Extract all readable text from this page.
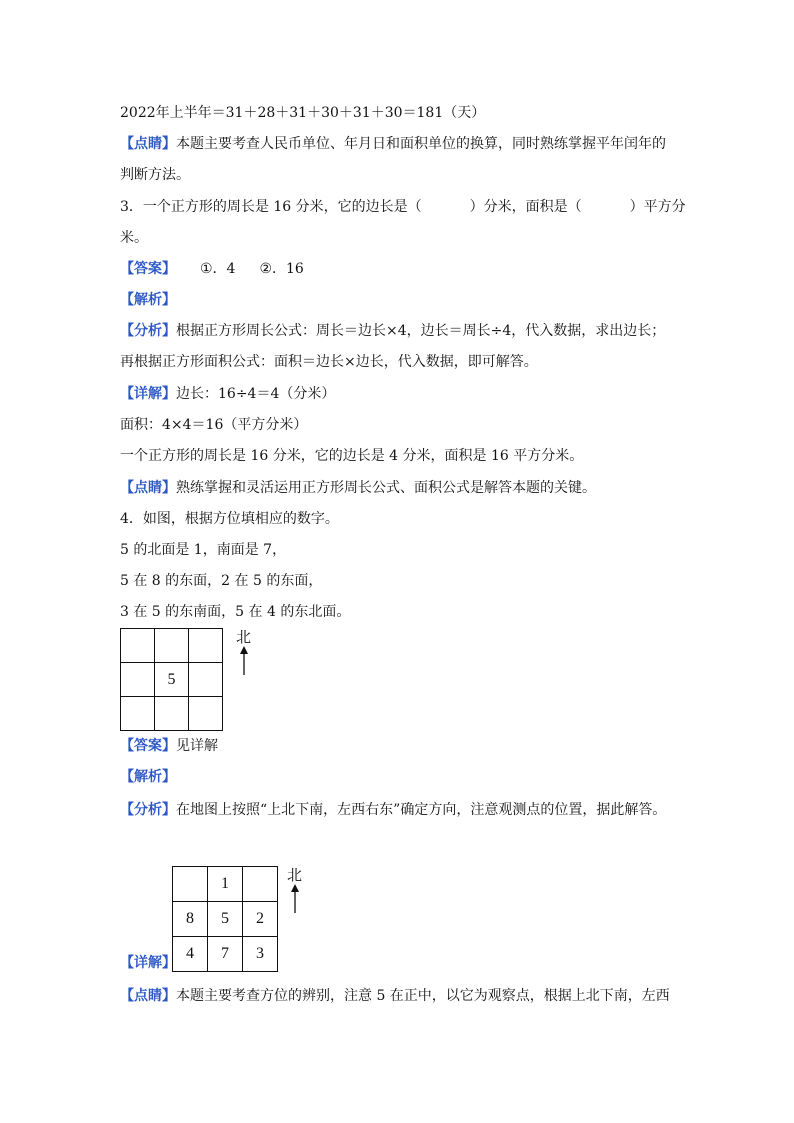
2022年上半年＝31＋28＋31＋30＋31＋30＝181（天）
【点睛】本题主要考查人民币单位、年月日和面积单位的换算，同时熟练掌握平年闰年的
判断方法。
3．一个正方形的周长是 16 分米，它的边长是（	）分米，面积是（	）平方分
米。
【答案】 ①．4 ②．16
【解析】
【分析】根据正方形周长公式：周长＝边长×4，边长＝周长÷4，代入数据，求出边长；
再根据正方形面积公式：面积＝边长×边长，代入数据，即可解答。
【详解】边长：16÷4＝4（分米）
面积：4×4＝16（平方分米）
一个正方形的周长是 16 分米，它的边长是 4 分米，面积是 16 平方分米。
【点睛】熟练掌握和灵活运用正方形周长公式、面积公式是解答本题的关键。
4．如图，根据方位填相应的数字。
5 的北面是 1，南面是 7，
5 在 8 的东面，2 在 5 的东面，
3 在 5 的东南面，5 在 4 的东北面。

	5	

北
【答案】见详解
【解析】
【分析】在地图上按照“上北下南，左西右东”确定方向，注意观测点的位置，据此解答。
	1	
8	5	2
4	7	3
北
【详解】
【点睛】本题主要考查方位的辨别，注意 5 在正中，以它为观察点，根据上北下南，左西
